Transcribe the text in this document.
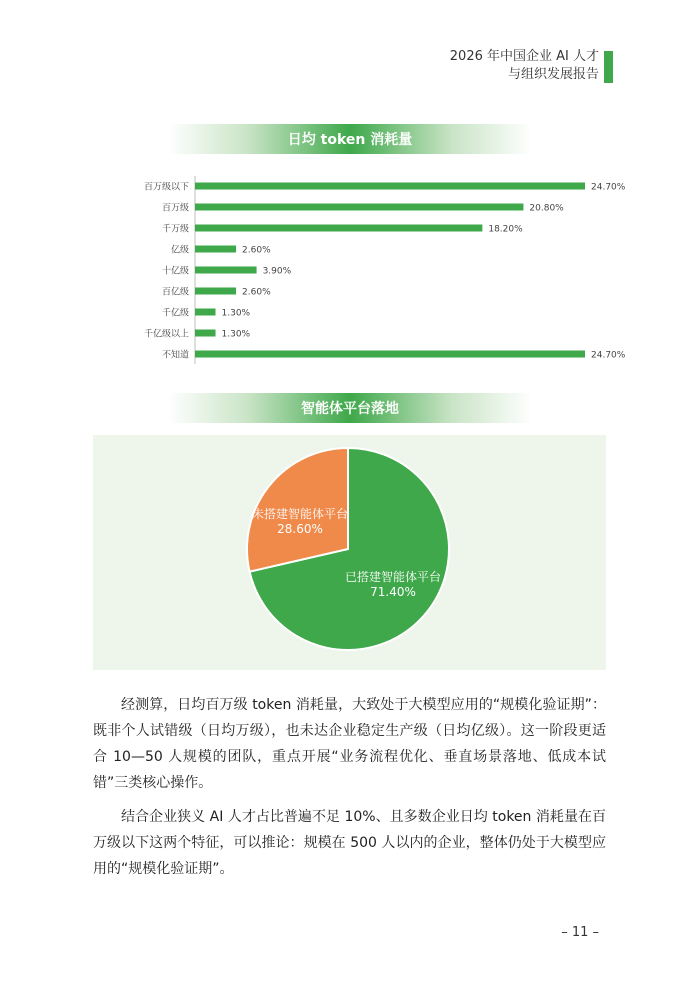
2026 年中国企业 AI 人才
与组织发展报告
日均 token 消耗量
百万级以下	24.70%
百万级	20.80%
千万级	18.20%
亿级	2.60%
十亿级	3.90%
百亿级	2.60%
千亿级	1.30%
千亿级以上	1.30%
不知道	24.70%
智能体平台落地
未搭建智能体平台
28.60%
已搭建智能体平台
71.40%

经测算，日均百万级 token 消耗量，大致处于大模型应用的“规模化验证期”：既非个人试错级（日均万级），也未达企业稳定生产级（日均亿级）。这一阶段更适合 10—50 人规模的团队，重点开展“业务流程优化、垂直场景落地、低成本试错”三类核心操作。

结合企业狭义 AI 人才占比普遍不足 10%、且多数企业日均 token 消耗量在百万级以下这两个特征，可以推论：规模在 500 人以内的企业，整体仍处于大模型应用的“规模化验证期”。

– 11 –
